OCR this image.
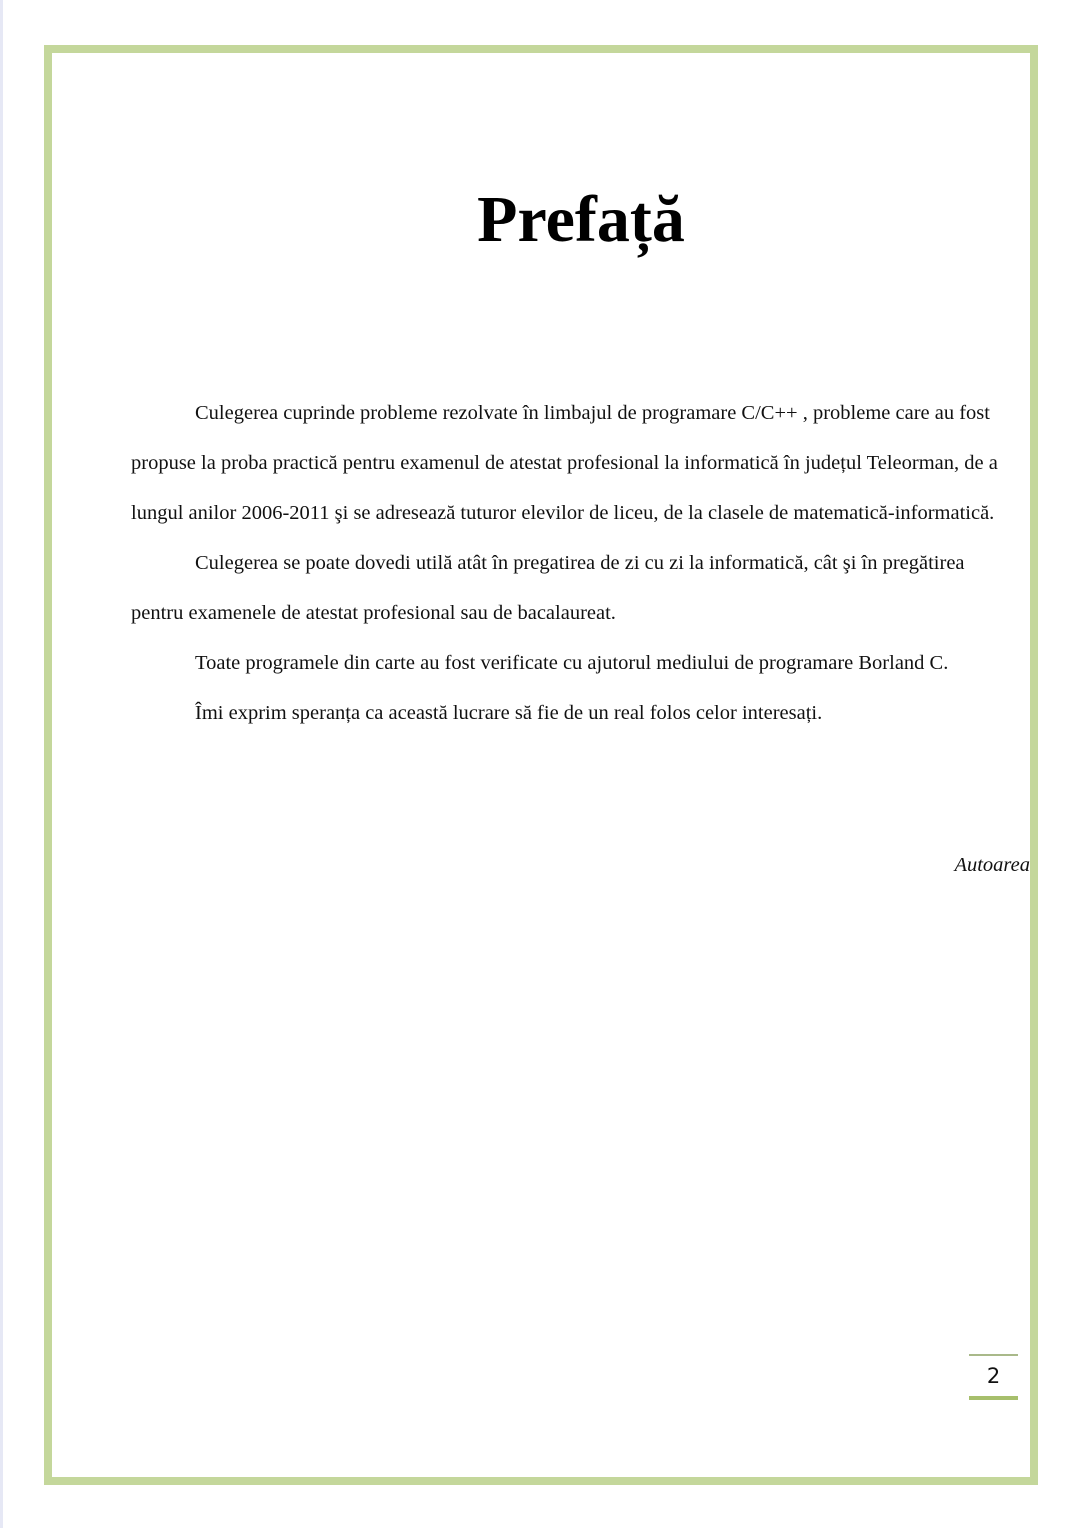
Prefață

Culegerea cuprinde probleme rezolvate în limbajul de programare C/C++ , probleme care au fost propuse la proba practică pentru examenul de atestat profesional la informatică în județul Teleorman, de a lungul anilor 2006-2011 şi se adresează tuturor elevilor de liceu, de la clasele de matematică-informatică.

Culegerea se poate dovedi utilă atât în pregatirea de zi cu zi la informatică, cât şi în pregătirea pentru examenele de atestat profesional sau de bacalaureat.

Toate programele din carte au fost verificate cu ajutorul mediului de programare Borland C.

Îmi exprim speranța ca această lucrare să fie de un real folos celor interesați.

Autoarea
2
